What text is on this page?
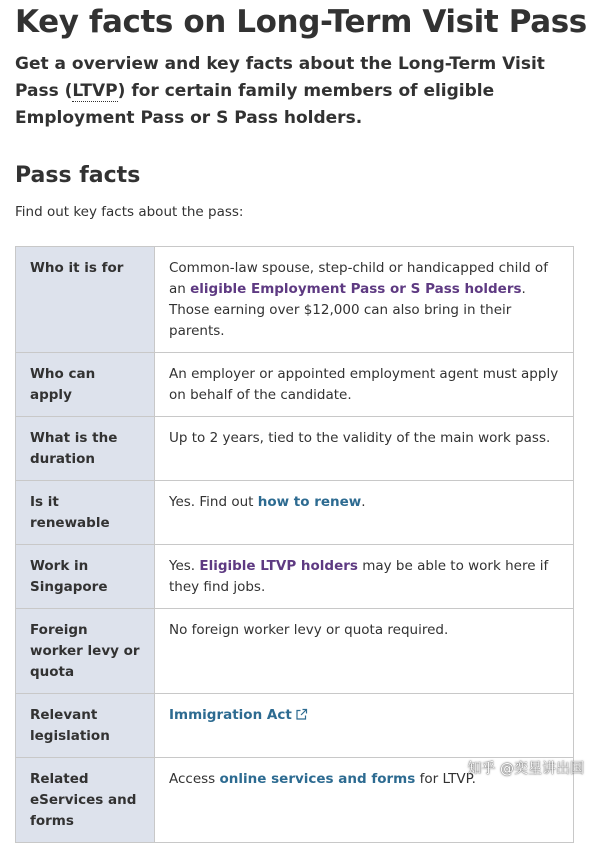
Key facts on Long-Term Visit Pass

Get a overview and key facts about the Long-Term Visit Pass (LTVP) for certain family members of eligible Employment Pass or S Pass holders.

Pass facts
Find out key facts about the pass:
Who it is for	Common-law spouse, step-child or handicapped child of an eligible Employment Pass or S Pass holders. Those earning over $12,000 can also bring in their parents.
Who can apply	An employer or appointed employment agent must apply on behalf of the candidate.
What is the duration	Up to 2 years, tied to the validity of the main work pass.
Is it renewable	Yes. Find out how to renew.
Work in Singapore	Yes. Eligible LTVP holders may be able to work here if they find jobs.
Foreign worker levy or quota	No foreign worker levy or quota required.
Relevant legislation	Immigration Act
Related eServices and forms	Access online services and forms for LTVP.
知乎 @奕星讲出国
